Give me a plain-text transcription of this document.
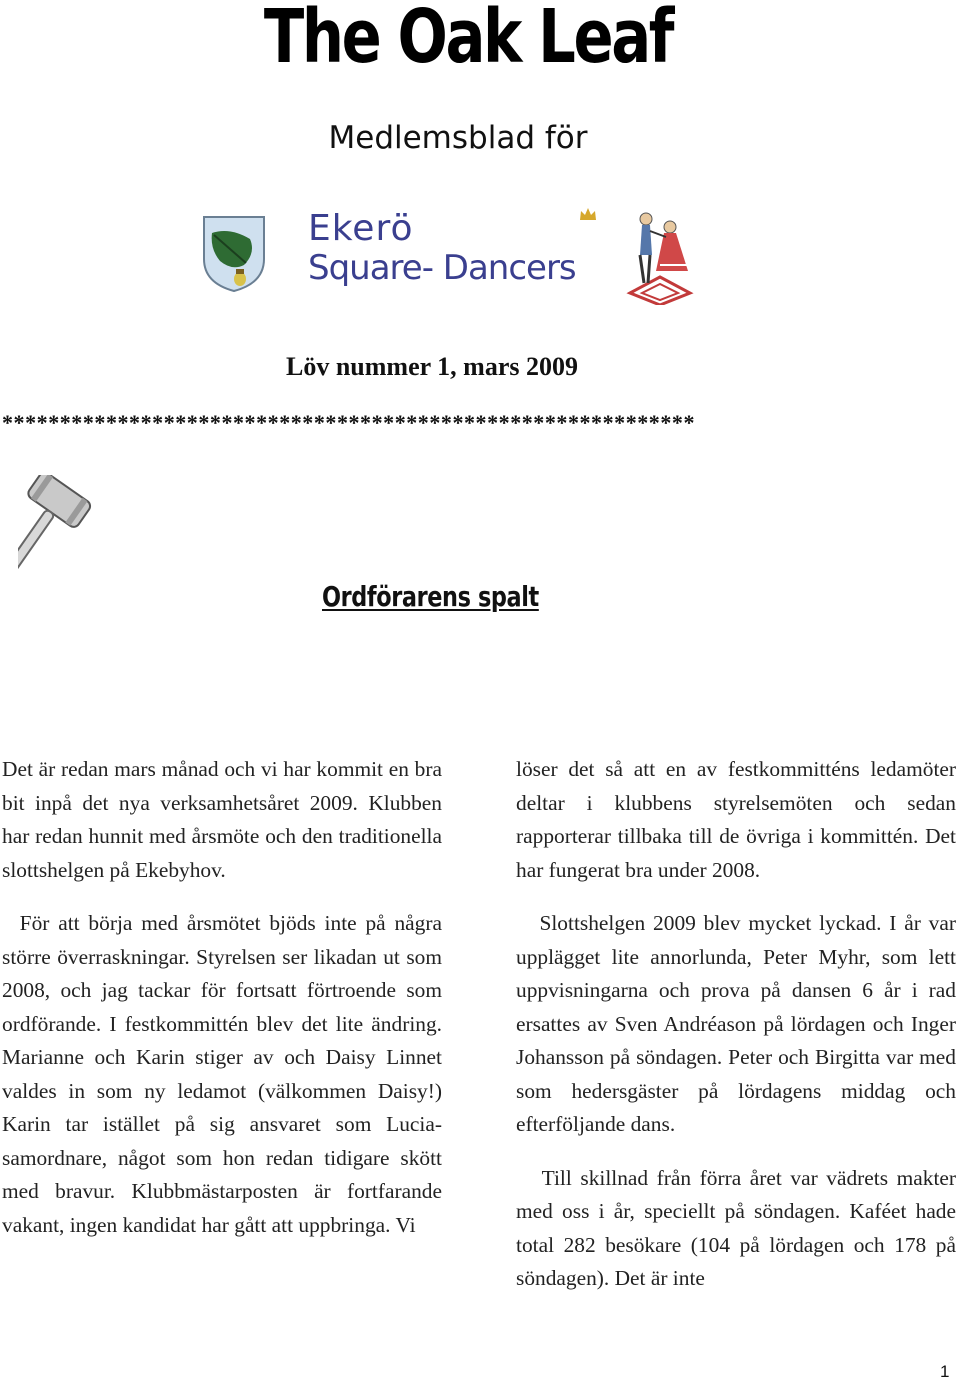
The Oak Leaf
Medlemsblad för
Ekerö
Square- Dancers
Löv nummer 1, mars 2009
************************************************************
Ordförarens spalt

Det är redan mars månad och vi har kommit en bra bit inpå det nya verksamhetsåret 2009. Klubben har redan hunnit med årsmöte och den traditionella slottshelgen på Ekebyhov.

För att börja med årsmötet bjöds inte på några större överraskningar. Styrelsen ser likadan ut som 2008, och jag tackar för fortsatt förtroende som ordförande. I festkommittén blev det lite ändring. Marianne och Karin stiger av och Daisy Linnet valdes in som ny ledamot (välkommen Daisy!) Karin tar istället på sig ansvaret som Lucia-samordnare, något som hon redan tidigare skött med bravur. Klubbmästarposten är fortfarande vakant, ingen kandidat har gått att uppbringa. Vi

löser det så att en av festkommitténs ledamöter deltar i klubbens styrelsemöten och sedan rapporterar tillbaka till de övriga i kommittén. Det har fungerat bra under 2008.

Slottshelgen 2009 blev mycket lyckad. I år var upplägget lite annorlunda, Peter Myhr, som lett uppvisningarna och prova på dansen 6 år i rad ersattes av Sven Andréason på lördagen och Inger Johansson på söndagen. Peter och Birgitta var med som hedersgäster på lördagens middag och efterföljande dans.

Till skillnad från förra året var vädrets makter med oss i år, speciellt på söndagen. Kaféet hade total 282 besökare (104 på lördagen och 178 på söndagen). Det är inte

1
